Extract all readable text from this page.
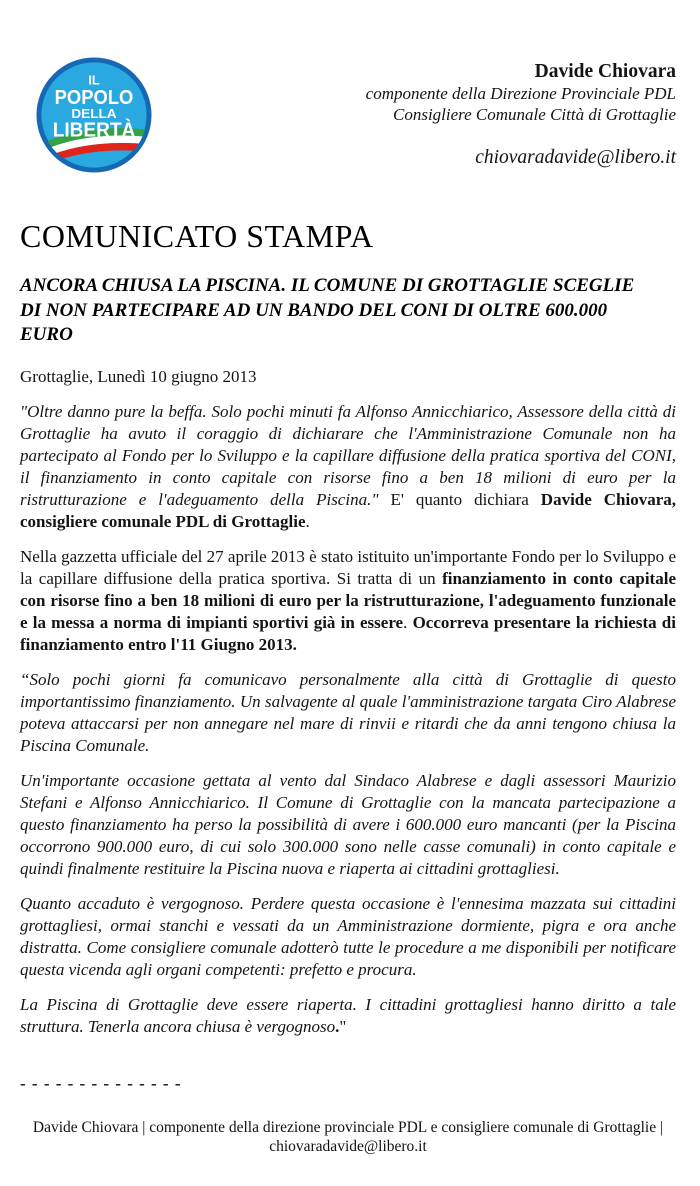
IL
POPOLO
DELLA
LIBERTÀ
Davide Chiovara
componente della Direzione Provinciale PDL
Consigliere Comunale Città di Grottaglie
chiovaradavide@libero.it
COMUNICATO STAMPA
ANCORA CHIUSA LA PISCINA. IL COMUNE DI GROTTAGLIE SCEGLIE DI NON PARTECIPARE AD UN BANDO DEL CONI DI OLTRE 600.000 EURO

Grottaglie, Lunedì 10 giugno 2013

"Oltre danno pure la beffa. Solo pochi minuti fa Alfonso Annicchiarico, Assessore della città di Grottaglie ha avuto il coraggio di dichiarare che l'Amministrazione Comunale non ha partecipato al Fondo per lo Sviluppo e la capillare diffusione della pratica sportiva del CONI, il finanziamento in conto capitale con risorse fino a ben 18 milioni di euro per la ristrutturazione e l'adeguamento della Piscina." E' quanto dichiara Davide Chiovara, consigliere comunale PDL di Grottaglie.

Nella gazzetta ufficiale del 27 aprile 2013 è stato istituito un'importante Fondo per lo Sviluppo e la capillare diffusione della pratica sportiva. Si tratta di un finanziamento in conto capitale con risorse fino a ben 18 milioni di euro per la ristrutturazione, l'adeguamento funzionale e la messa a norma di impianti sportivi già in essere. Occorreva presentare la richiesta di finanziamento entro l'11 Giugno 2013.

“Solo pochi giorni fa comunicavo personalmente alla città di Grottaglie di questo importantissimo finanziamento. Un salvagente al quale l'amministrazione targata Ciro Alabrese poteva attaccarsi per non annegare nel mare di rinvii e ritardi che da anni tengono chiusa la Piscina Comunale.

Un'importante occasione gettata al vento dal Sindaco Alabrese e dagli assessori Maurizio Stefani e Alfonso Annicchiarico. Il Comune di Grottaglie con la mancata partecipazione a questo finanziamento ha perso la possibilità di avere i 600.000 euro mancanti (per la Piscina occorrono 900.000 euro, di cui solo 300.000 sono nelle casse comunali) in conto capitale e quindi finalmente restituire la Piscina nuova e riaperta ai cittadini grottagliesi.

Quanto accaduto è vergognoso. Perdere questa occasione è l'ennesima mazzata sui cittadini grottagliesi, ormai stanchi e vessati da un Amministrazione dormiente, pigra e ora anche distratta. Come consigliere comunale adotterò tutte le procedure a me disponibili per notificare questa vicenda agli organi competenti: prefetto e procura.

La Piscina di Grottaglie deve essere riaperta. I cittadini grottagliesi hanno diritto a tale struttura. Tenerla ancora chiusa è vergognoso."

- - - - - - - - - - - - - -
Davide Chiovara | componente della direzione provinciale PDL e consigliere comunale di Grottaglie | chiovaradavide@libero.it
